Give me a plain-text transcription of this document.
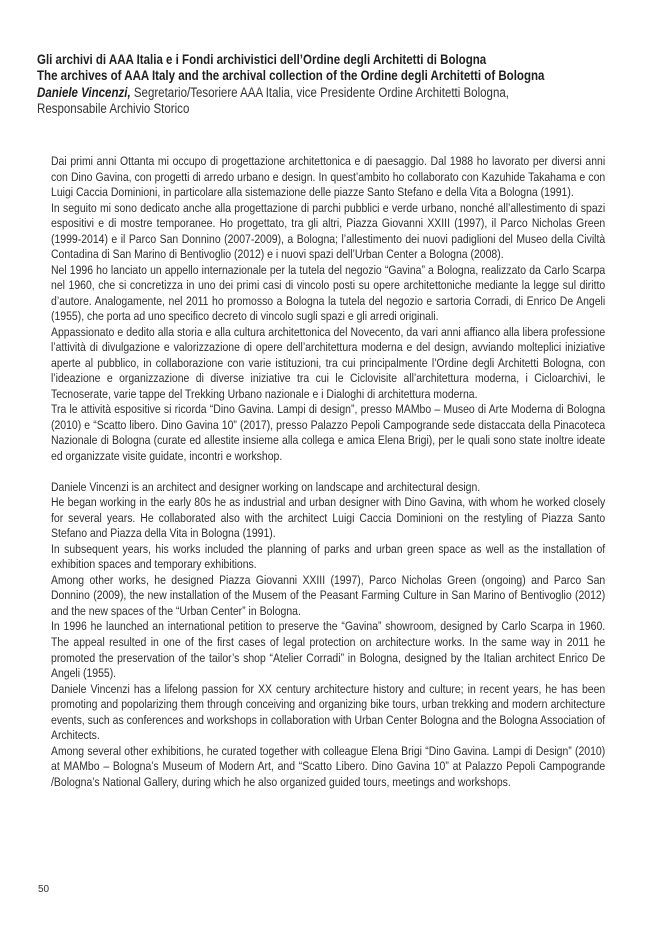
Gli archivi di AAA Italia e i Fondi archivistici dell’Ordine degli Architetti di Bologna
The archives of AAA Italy and the archival collection of the Ordine degli Architetti of Bologna
Daniele Vincenzi, Segretario/Tesoriere AAA Italia, vice Presidente Ordine Architetti Bologna,
Responsabile Archivio Storico

Dai primi anni Ottanta mi occupo di progettazione architettonica e di paesaggio. Dal 1988 ho lavorato per diversi anni con Dino Gavina, con progetti di arredo urbano e design. In quest’ambito ho collaborato con Kazuhide Takahama e con Luigi Caccia Dominioni, in particolare alla sistemazione delle piazze Santo Stefano e della Vita a Bologna (1991).

In seguito mi sono dedicato anche alla progettazione di parchi pubblici e verde urbano, nonché all’allestimento di spazi espositivi e di mostre temporanee. Ho progettato, tra gli altri, Piazza Giovanni XXIII (1997), il Parco Nicholas Green (1999-2014) e il Parco San Donnino (2007-2009), a Bologna; l’allestimento dei nuovi padiglioni del Museo della Civiltà Contadina di San Marino di Bentivoglio (2012) e i nuovi spazi dell’Urban Center a Bologna (2008).

Nel 1996 ho lanciato un appello internazionale per la tutela del negozio “Gavina” a Bologna, realizzato da Carlo Scarpa nel 1960, che si concretizza in uno dei primi casi di vincolo posti su opere architettoniche mediante la legge sul diritto d’autore. Analogamente, nel 2011 ho promosso a Bologna la tutela del negozio e sartoria Corradi, di Enrico De Angeli (1955), che porta ad uno specifico decreto di vincolo sugli spazi e gli arredi originali.

Appassionato e dedito alla storia e alla cultura architettonica del Novecento, da vari anni affianco alla libera professione l’attività di divulgazione e valorizzazione di opere dell’architettura moderna e del design, avviando molteplici iniziative aperte al pubblico, in collaborazione con varie istituzioni, tra cui principalmente l’Ordine degli Architetti Bologna, con l’ideazione e organizzazione di diverse iniziative tra cui le Ciclovisite all’architettura moderna, i Cicloarchivi, le Tecnoserate, varie tappe del Trekking Urbano nazionale e i Dialoghi di architettura moderna.

Tra le attività espositive si ricorda “Dino Gavina. Lampi di design”, presso MAMbo – Museo di Arte Moderna di Bologna (2010) e “Scatto libero. Dino Gavina 10” (2017), presso Palazzo Pepoli Campogrande sede distaccata della Pinacoteca Nazionale di Bologna (curate ed allestite insieme alla collega e amica Elena Brigi), per le quali sono state inoltre ideate ed organizzate visite guidate, incontri e workshop.

Daniele Vincenzi is an architect and designer working on landscape and architectural design.

He began working in the early 80s he as industrial and urban designer with Dino Gavina, with whom he worked closely for several years. He collaborated also with the architect Luigi Caccia Dominioni on the restyling of Piazza Santo Stefano and Piazza della Vita in Bologna (1991).

In subsequent years, his works included the planning of parks and urban green space as well as the installation of exhibition spaces and temporary exhibitions.

Among other works, he designed Piazza Giovanni XXIII (1997), Parco Nicholas Green (ongoing) and Parco San Donnino (2009), the new installation of the Musem of the Peasant Farming Culture in San Marino of Bentivoglio (2012) and the new spaces of the “Urban Center” in Bologna.

In 1996 he launched an international petition to preserve the “Gavina” showroom, designed by Carlo Scarpa in 1960. The appeal resulted in one of the first cases of legal protection on architecture works. In the same way in 2011 he promoted the preservation of the tailor’s shop “Atelier Corradi” in Bologna, designed by the Italian architect Enrico De Angeli (1955).

Daniele Vincenzi has a lifelong passion for XX century architecture history and culture; in recent years, he has been promoting and popolarizing them through conceiving and organizing bike tours, urban trekking and modern architecture events, such as conferences and workshops in collaboration with Urban Center Bologna and the Bologna Association of Architects.

Among several other exhibitions, he curated together with colleague Elena Brigi “Dino Gavina. Lampi di Design” (2010) at MAMbo – Bologna’s Museum of Modern Art, and “Scatto Libero. Dino Gavina 10” at Palazzo Pepoli Campogrande /Bologna’s National Gallery, during which he also organized guided tours, meetings and workshops.

50
